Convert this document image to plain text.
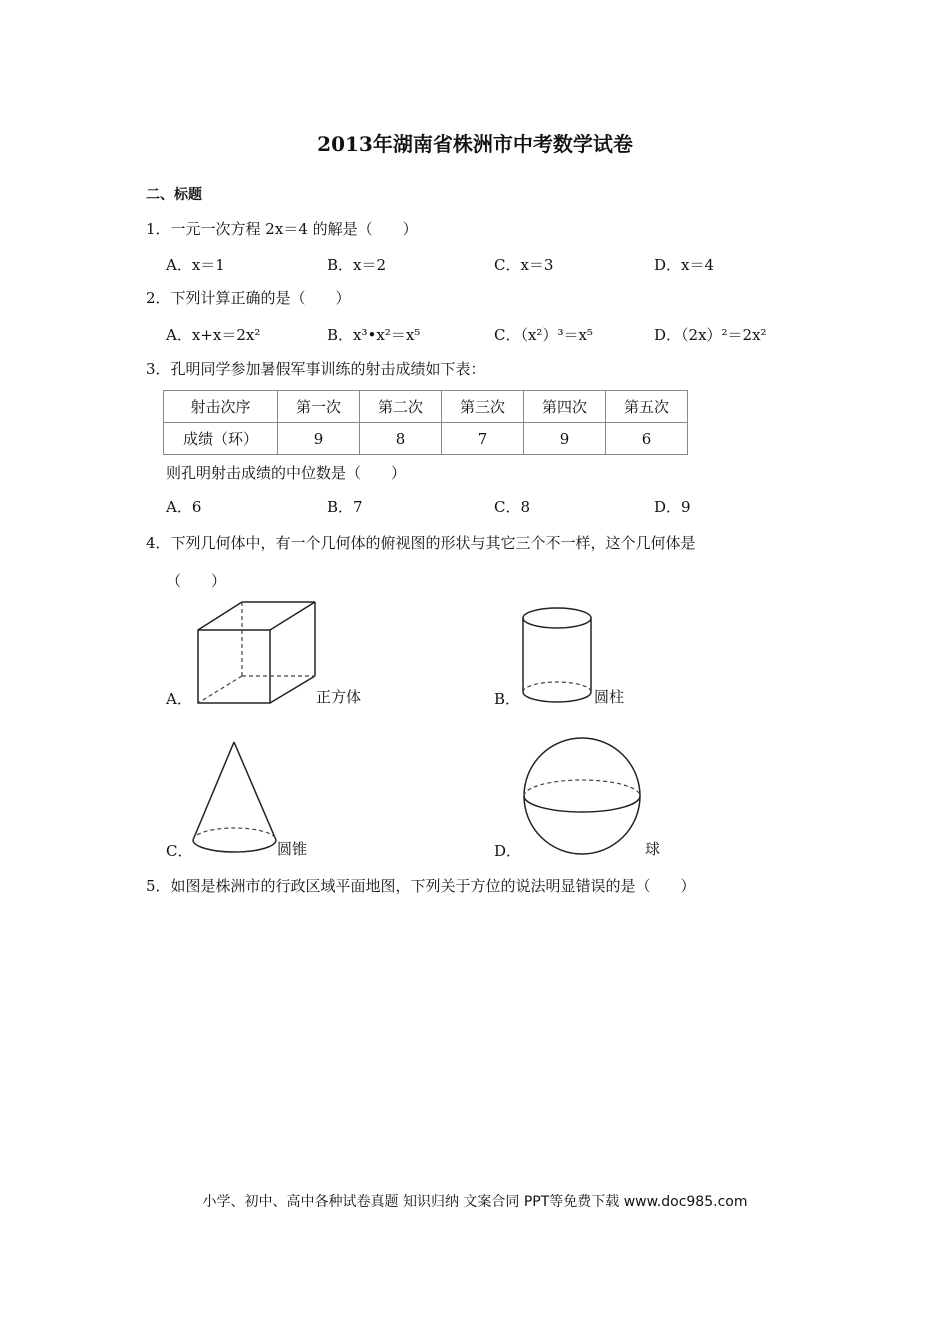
2013年湖南省株洲市中考数学试卷
二、标题
1．一元一次方程 2x＝4 的解是（　　）
A．x＝1	B．x＝2	C．x＝3	D．x＝4
2．下列计算正确的是（　　）
A．x+x＝2x²	B．x³•x²＝x⁵	C．（x²）³＝x⁵	D．（2x）²＝2x²
3．孔明同学参加暑假军事训练的射击成绩如下表：
射击次序	第一次	第二次	第三次	第四次	第五次
成绩（环）	9	8	7	9	6
则孔明射击成绩的中位数是（　　）
A．6	B．7	C．8	D．9
4．下列几何体中，有一个几何体的俯视图的形状与其它三个不一样，这个几何体是
（　　）
A．	正方体	B．	圆柱
C．	圆锥	D．	球
5．如图是株洲市的行政区域平面地图，下列关于方位的说法明显错误的是（　　）
小学、初中、高中各种试卷真题 知识归纳 文案合同 PPT等免费下载 www.doc985.com
